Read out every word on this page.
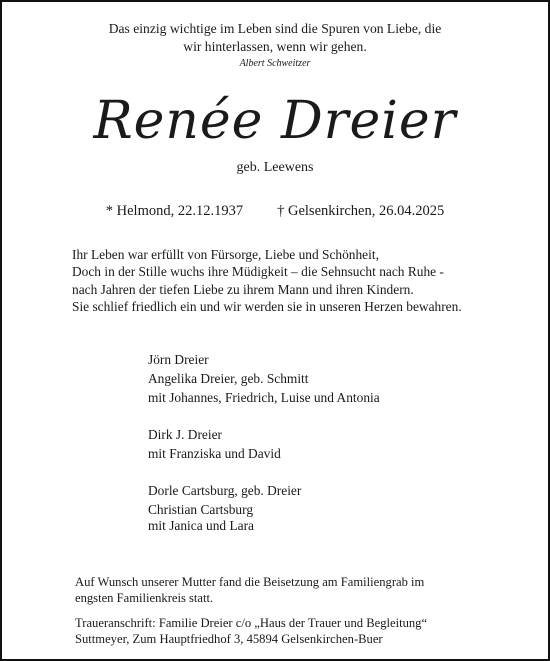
Das einzig wichtige im Leben sind die Spuren von Liebe, die
wir hinterlassen, wenn wir gehen.
Albert Schweitzer
Renée Dreier
geb. Leewens
* Helmond, 22.12.1937 † Gelsenkirchen, 26.04.2025
Ihr Leben war erfüllt von Fürsorge, Liebe und Schönheit,
Doch in der Stille wuchs ihre Müdigkeit – die Sehnsucht nach Ruhe -
nach Jahren der tiefen Liebe zu ihrem Mann und ihren Kindern.
Sie schlief friedlich ein und wir werden sie in unseren Herzen bewahren.
Jörn Dreier
Angelika Dreier, geb. Schmitt
mit Johannes, Friedrich, Luise und Antonia
Dirk J. Dreier
mit Franziska und David
Dorle Cartsburg, geb. Dreier
Christian Cartsburg
mit Janica und Lara
Auf Wunsch unserer Mutter fand die Beisetzung am Familiengrab im
engsten Familienkreis statt.
Traueranschrift: Familie Dreier c/o „Haus der Trauer und Begleitung“
Suttmeyer, Zum Hauptfriedhof 3, 45894 Gelsenkirchen-Buer
